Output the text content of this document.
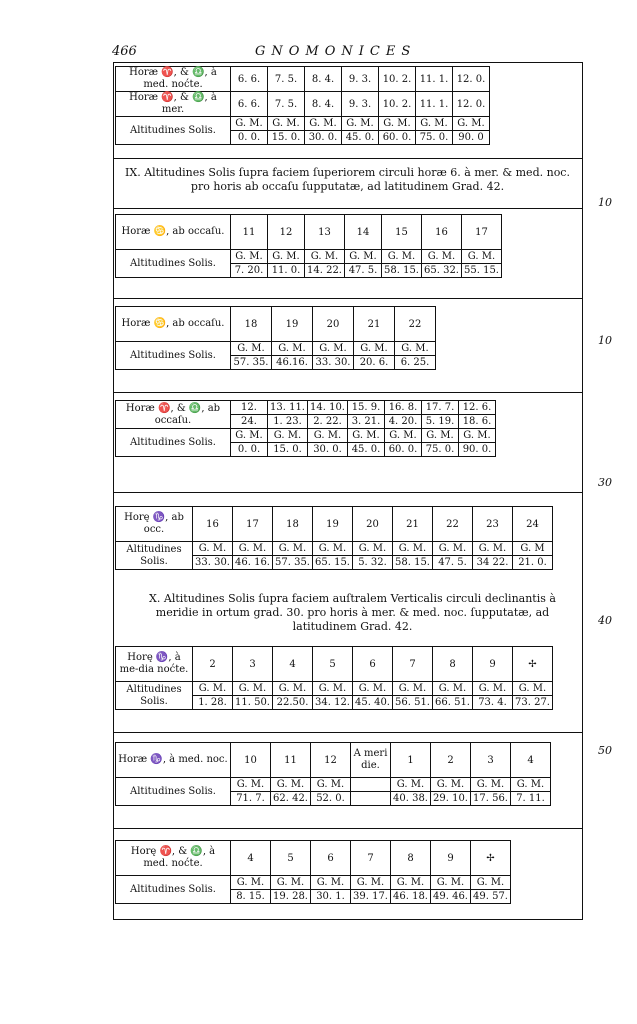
466	GNOMONICES
Horæ ♈, & ♎, à med. noćte.	6. 6.	7. 5.	8. 4.	9. 3.	10. 2.	11. 1.	12. 0.
Horæ ♈, & ♎, à mer.	6. 6.	7. 5.	8. 4.	9. 3.	10. 2.	11. 1.	12. 0.
Altitudines Solis.	G. M.	G. M.	G. M.	G. M.	G. M.	G. M.	G. M.
	0. 0.	15. 0.	30. 0.	45. 0.	60. 0.	75. 0.	90. 0
IX. Altitudines Solis ſupra faciem ſuperiorem circuli horæ 6. à mer. & med. noc. pro horis ab occaſu ſupputatæ, ad latitudinem Grad. 42.
10
Horæ ♋, ab occaſu.	11	12	13	14	15	16	17
Altitudines Solis.	G. M.	G. M.	G. M.	G. M.	G. M.	G. M.	G. M.
	7. 20.	11. 0.	14. 22.	47. 5.	58. 15.	65. 32.	55. 15.
Horæ ♋, ab occaſu.	18	19	20	21	22
Altitudines Solis.	G. M.	G. M.	G. M.	G. M.	G. M.
	57. 35.	46.16.	33. 30.	20. 6.	6. 25.
10
Horæ ♈, & ♎, ab occaſu.	12.	13. 11.	14. 10.	15. 9.	16. 8.	17. 7.	12. 6.
	24.	1. 23.	2. 22.	3. 21.	4. 20.	5. 19.	18. 6.
Altitudines Solis.	G. M.	G. M.	G. M.	G. M.	G. M.	G. M.	G. M.
	0. 0.	15. 0.	30. 0.	45. 0.	60. 0.	75. 0.	90. 0.
30
Horę ♑, ab occ.	16	17	18	19	20	21	22	23	24
Altitudines Solis.	G. M.	G. M.	G. M.	G. M.	G. M.	G. M.	G. M.	G. M.	G. M
	33. 30.	46. 16.	57. 35.	65. 15.	5. 32.	58. 15.	47. 5.	34 22.	21. 0.
X. Altitudines Solis ſupra faciem auſtralem Verticalis circuli declinantis à meridie in ortum grad. 30. pro horis à mer. & med. noc. ſupputatæ, ad latitudinem Grad. 42.	40
Horę ♑, à me-dia noćte.	2	3	4	5	6	7	8	9	✢
Altitudines Solis.	G. M.	G. M.	G. M.	G. M.	G. M.	G. M.	G. M.	G. M.	G. M.
	1. 28.	11. 50.	22.50.	34. 12.	45. 40.	56. 51.	66. 51.	73. 4.	73. 27.
Horæ ♑, à med. noc.	10	11	12	A meri die.	1	2	3	4
Altitudines Solis.	G. M.	G. M.	G. M.		G. M.	G. M.	G. M.	G. M.
	71. 7.	62. 42.	52. 0.		40. 38.	29. 10.	17. 56.	7. 11.
50
Horę ♈, & ♎, à med. noćte.	4	5	6	7	8	9	✢
Altitudines Solis.	G. M.	G. M.	G. M.	G. M.	G. M.	G. M.	G. M.
	8. 15.	19. 28.	30. 1.	39. 17.	46. 18.	49. 46.	49. 57.
